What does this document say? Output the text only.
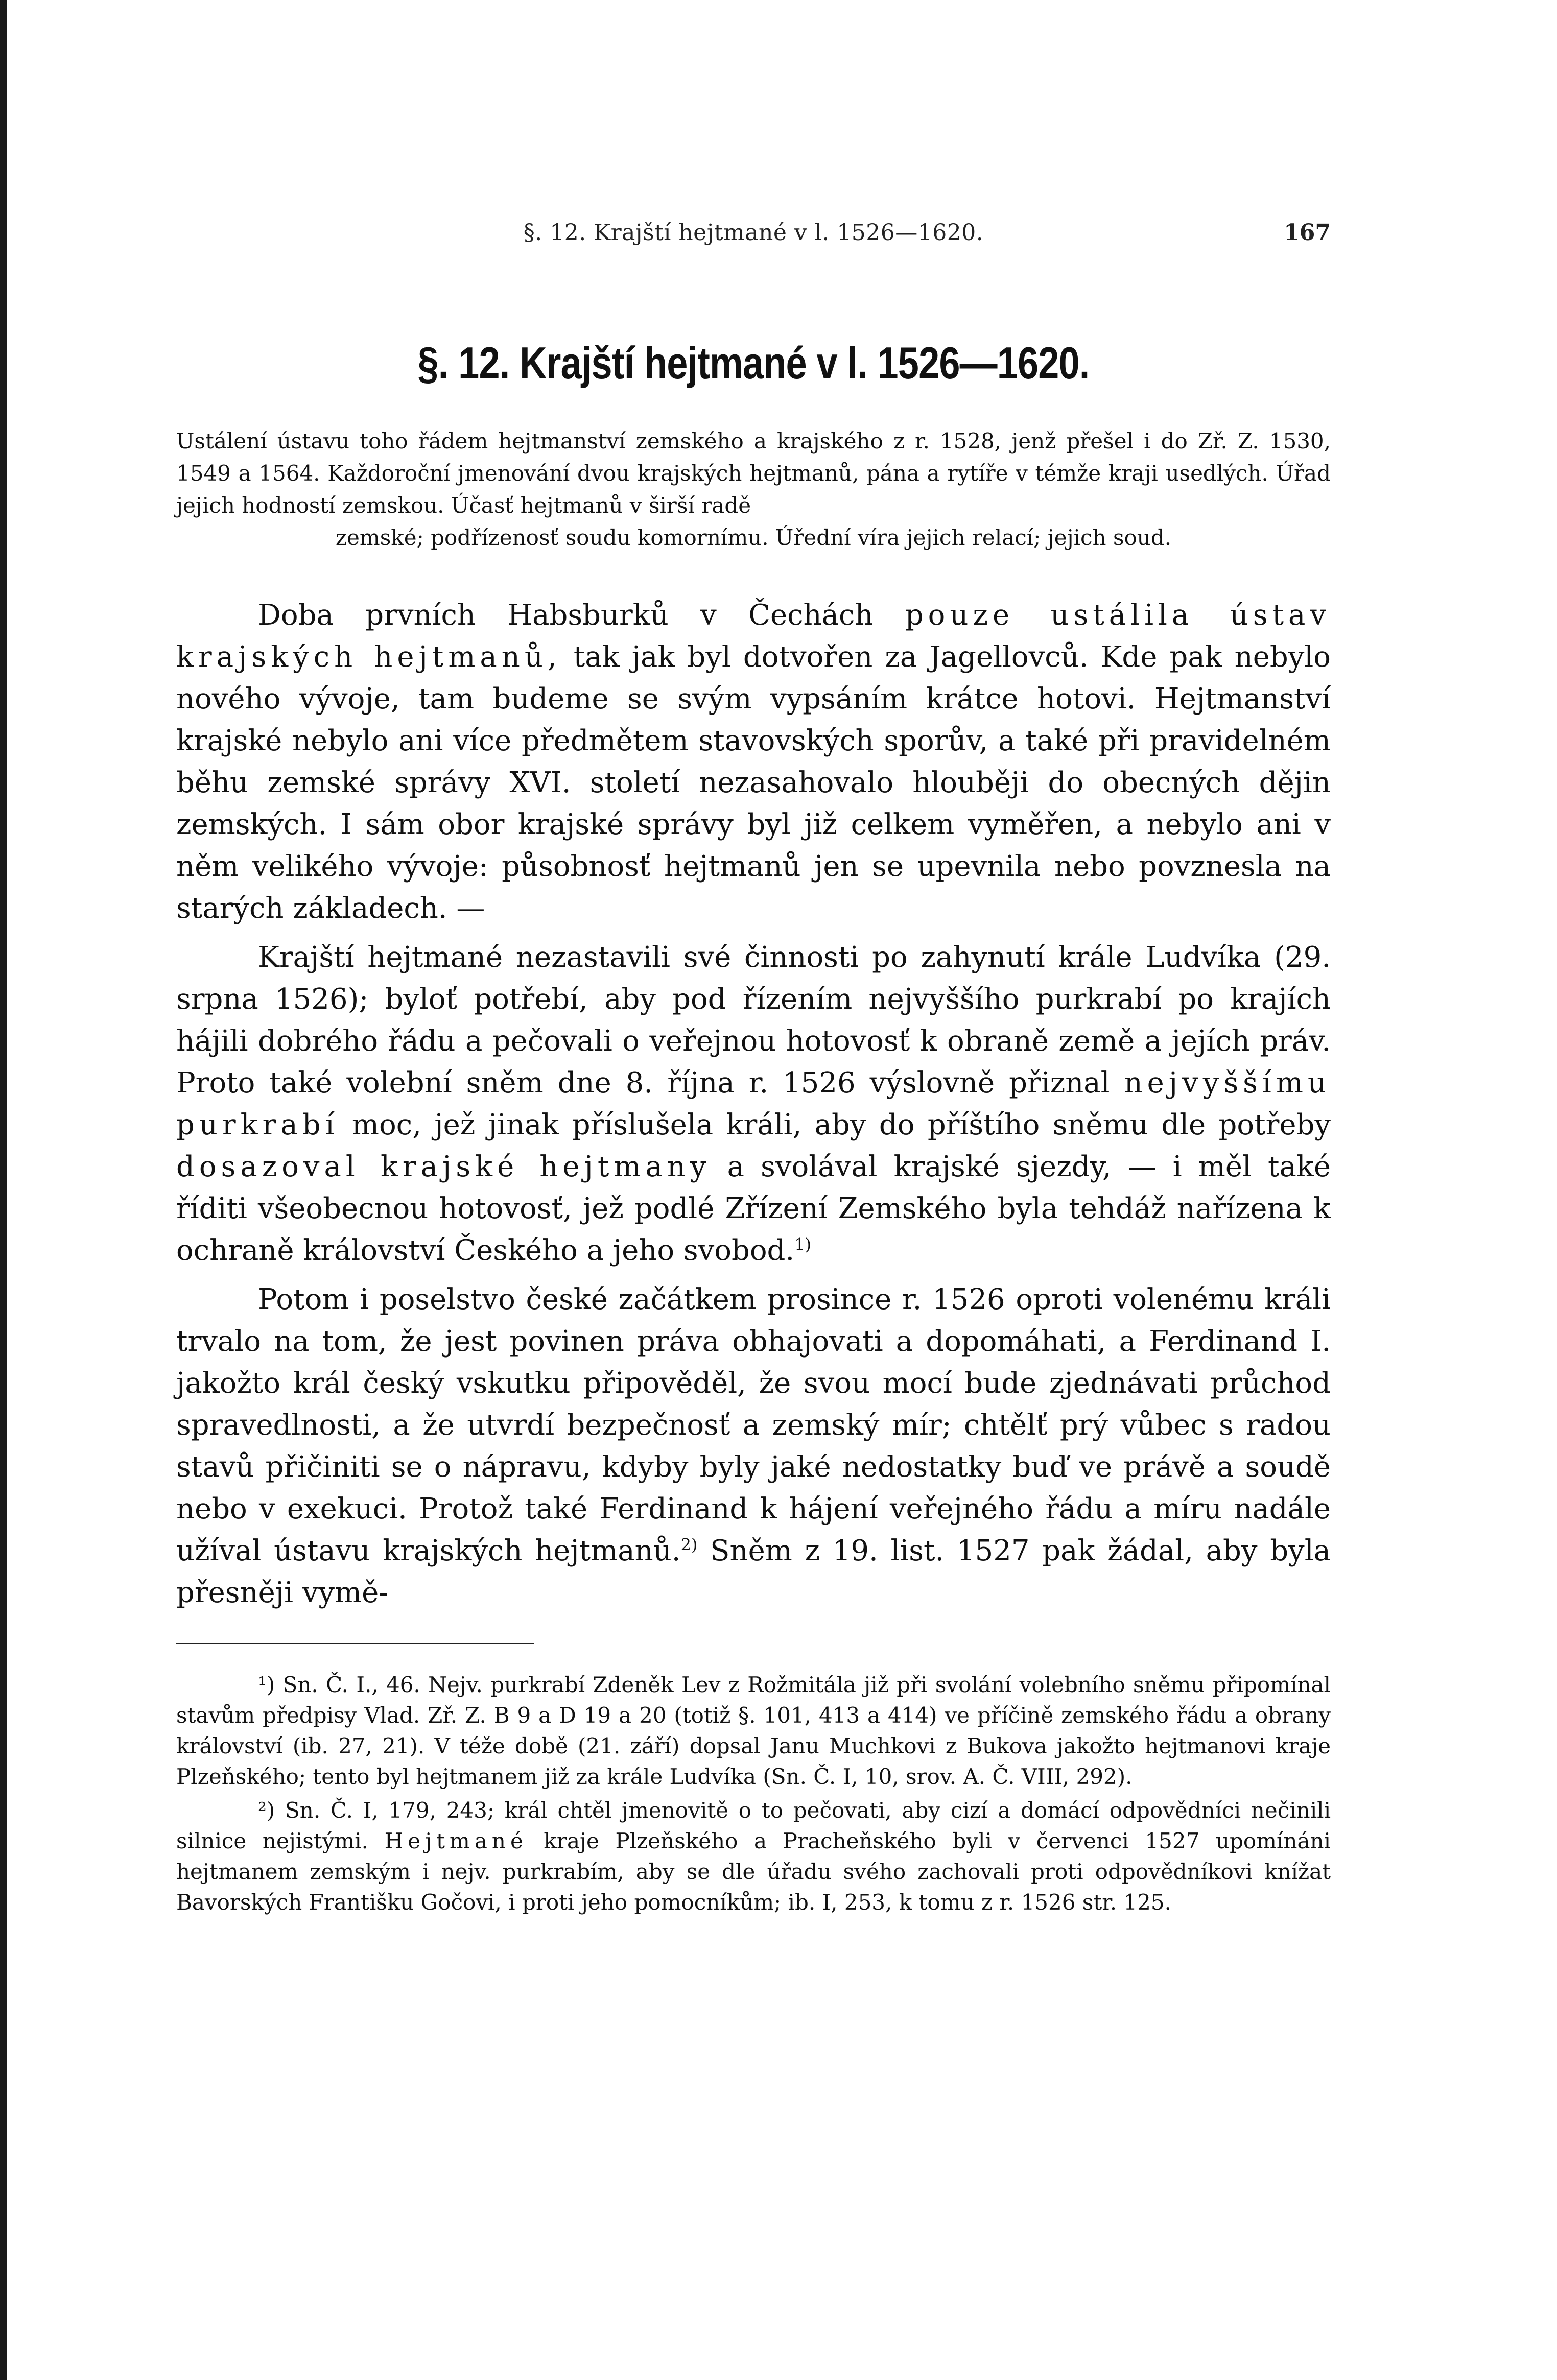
§. 12. Krajští hejtmané v l. 1526—1620.	167
§. 12. Krajští hejtmané v l. 1526—1620.

Ustálení ústavu toho řádem hejtmanství zemského a krajského z r. 1528, jenž přešel i do Zř. Z. 1530, 1549 a 1564. Každoroční jmenování dvou krajských hejtmanů, pána a rytíře v témže kraji usedlých. Úřad jejich hodností zemskou. Účasť hejtmanů v širší radě

zemské; podřízenosť soudu komornímu. Úřední víra jejich relací; jejich soud.

Doba prvních Habsburků v Čechách pouze ustálila ústav krajských hejtmanů, tak jak byl dotvořen za Jagellovců. Kde pak nebylo nového vývoje, tam budeme se svým vypsáním krátce hotovi. Hejtmanství krajské nebylo ani více předmětem stavovských sporův, a také při pravidelném běhu zemské správy XVI. století nezasahovalo hlouběji do obecných dějin zemských. I sám obor krajské správy byl již celkem vyměřen, a nebylo ani v něm velikého vývoje: působnosť hejtmanů jen se upevnila nebo povznesla na starých základech. —

Krajští hejtmané nezastavili své činnosti po zahynutí krále Ludvíka (29. srpna 1526); byloť potřebí, aby pod řízením nejvyššího purkrabí po krajích hájili dobrého řádu a pečovali o veřejnou hotovosť k obraně země a jejích práv. Proto také volební sněm dne 8. října r. 1526 výslovně přiznal nejvyššímu purkrabí moc, jež jinak příslušela králi, aby do příštího sněmu dle potřeby dosazoval krajské hejtmany a svolával krajské sjezdy, — i měl také říditi všeobecnou hotovosť, jež podlé Zřízení Zemského byla tehdáž nařízena k ochraně království Českého a jeho svobod.$^{1)}$

Potom i poselstvo české začátkem prosince r. 1526 oproti volenému králi trvalo na tom, že jest povinen práva obhajovati a dopomáhati, a Ferdinand I. jakožto král český vskutku připověděl, že svou mocí bude zjednávati průchod spravedlnosti, a že utvrdí bezpečnosť a zemský mír; chtělť prý vůbec s radou stavů přičiniti se o nápravu, kdyby byly jaké nedostatky buď ve právě a soudě nebo v exekuci. Protož také Ferdinand k hájení veřejného řádu a míru nadále užíval ústavu krajských hejtmanů.$^{2)}$ Sněm z 19. list. 1527 pak žádal, aby byla přesněji vymě-

¹) Sn. Č. I., 46. Nejv. purkrabí Zdeněk Lev z Rožmitála již při svolání volebního sněmu připomínal stavům předpisy Vlad. Zř. Z. B 9 a D 19 a 20 (totiž §. 101, 413 a 414) ve příčině zemského řádu a obrany království (ib. 27, 21). V téže době (21. září) dopsal Janu Muchkovi z Bukova jakožto hejtmanovi kraje Plzeňského; tento byl hejtmanem již za krále Ludvíka (Sn. Č. I, 10, srov. A. Č. VIII, 292).

²) Sn. Č. I, 179, 243; král chtěl jmenovitě o to pečovati, aby cizí a domácí odpovědníci nečinili silnice nejistými. Hejtmané kraje Plzeňského a Pracheňského byli v červenci 1527 upomínáni hejtmanem zemským i nejv. purkrabím, aby se dle úřadu svého zachovali proti odpovědníkovi knížat Bavorských Františku Gočovi, i proti jeho pomocníkům; ib. I, 253, k tomu z r. 1526 str. 125.
